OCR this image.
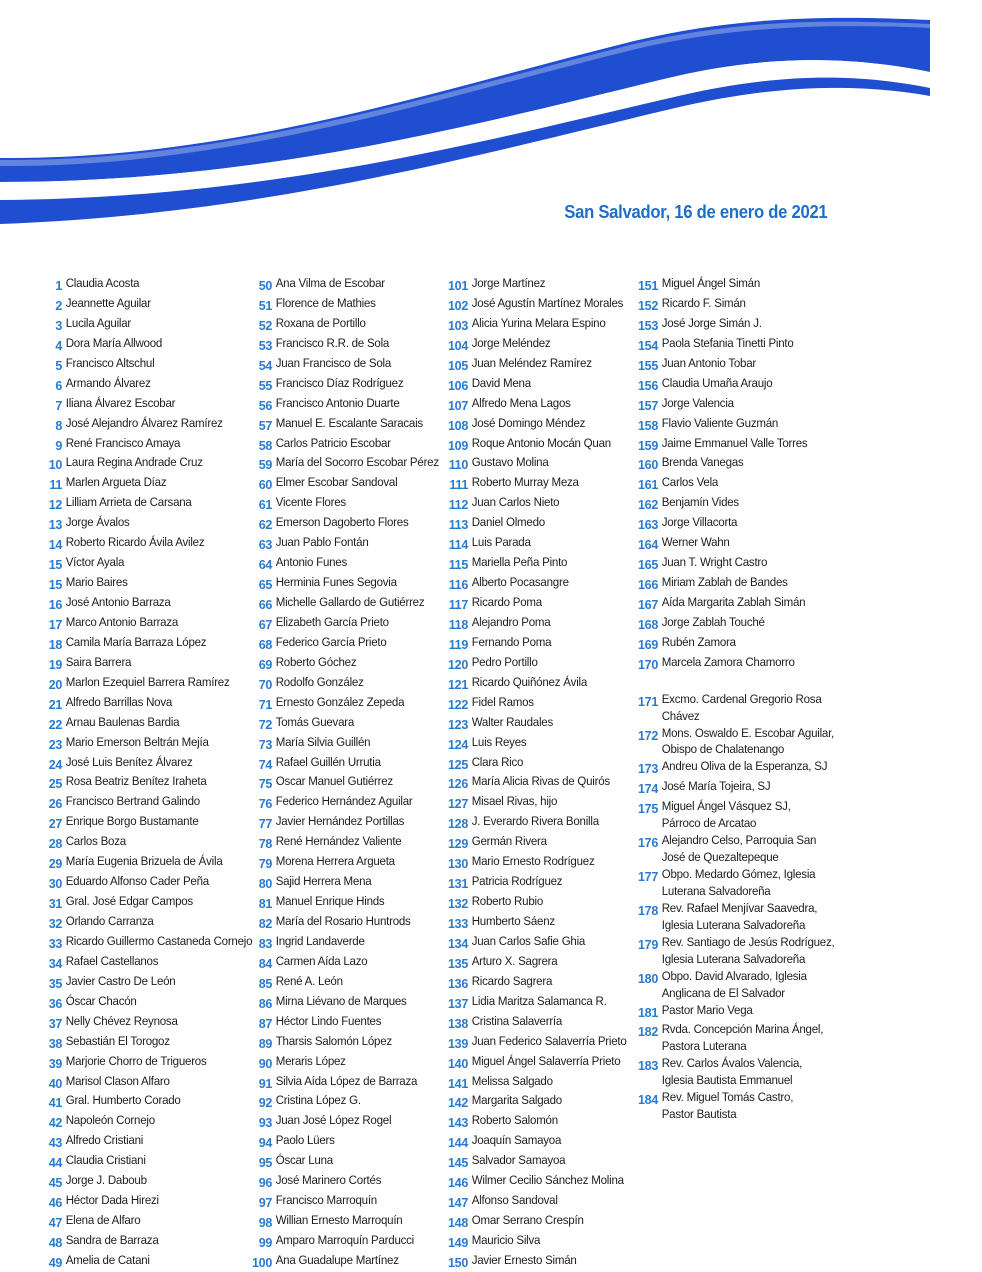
San Salvador, 16 de enero de 2021
1 Claudia Acosta
2 Jeannette Aguilar
3 Lucila Aguilar
4 Dora María Allwood
5 Francisco Altschul
6 Armando Álvarez
7 Iliana Álvarez Escobar
8 José Alejandro Álvarez Ramírez
9 René Francisco Amaya
10 Laura Regina Andrade Cruz
11 Marlen Argueta Díaz
12 Lilliam Arrieta de Carsana
13 Jorge Ávalos
14 Roberto Ricardo Ávila Avilez
15 Víctor Ayala
15 Mario Baires
16 José Antonio Barraza
17 Marco Antonio Barraza
18 Camila María Barraza López
19 Saira Barrera
20 Marlon Ezequiel Barrera Ramírez
21 Alfredo Barrillas Nova
22 Arnau Baulenas Bardia
23 Mario Emerson Beltrán Mejía
24 José Luis Benítez Álvarez
25 Rosa Beatriz Benítez Iraheta
26 Francisco Bertrand Galindo
27 Enrique Borgo Bustamante
28 Carlos Boza
29 María Eugenia Brizuela de Ávila
30 Eduardo Alfonso Cader Peña
31 Gral. José Edgar Campos
32 Orlando Carranza
33 Ricardo Guillermo Castaneda Cornejo
34 Rafael Castellanos
35 Javier Castro De León
36 Óscar Chacón
37 Nelly Chévez Reynosa
38 Sebastián El Torogoz
39 Marjorie Chorro de Trigueros
40 Marisol Clason Alfaro
41 Gral. Humberto Corado
42 Napoleón Cornejo
43 Alfredo Cristiani
44 Claudia Cristiani
45 Jorge J. Daboub
46 Héctor Dada Hirezi
47 Elena de Alfaro
48 Sandra de Barraza
49 Amelia de Catani
50 Ana Vilma de Escobar
51 Florence de Mathies
52 Roxana de Portillo
53 Francisco R.R. de Sola
54 Juan Francisco de Sola
55 Francisco Díaz Rodríguez
56 Francisco Antonio Duarte
57 Manuel E. Escalante Saracais
58 Carlos Patricio Escobar
59 María del Socorro Escobar Pérez
60 Elmer Escobar Sandoval
61 Vicente Flores
62 Emerson Dagoberto Flores
63 Juan Pablo Fontán
64 Antonio Funes
65 Herminia Funes Segovia
66 Michelle Gallardo de Gutiérrez
67 Elizabeth García Prieto
68 Federico García Prieto
69 Roberto Góchez
70 Rodolfo González
71 Ernesto González Zepeda
72 Tomás Guevara
73 María Silvia Guillén
74 Rafael Guillén Urrutia
75 Oscar Manuel Gutiérrez
76 Federico Hernández Aguilar
77 Javier Hernández Portillas
78 René Hernández Valiente
79 Morena Herrera Argueta
80 Sajid Herrera Mena
81 Manuel Enrique Hinds
82 María del Rosario Huntrods
83 Ingrid Landaverde
84 Carmen Aída Lazo
85 René A. León
86 Mirna Liévano de Marques
87 Héctor Lindo Fuentes
89 Tharsis Salomón López
90 Meraris López
91 Silvia Aída López de Barraza
92 Cristina López G.
93 Juan José López Rogel
94 Paolo Lüers
95 Óscar Luna
96 José Marinero Cortés
97 Francisco Marroquín
98 Willian Ernesto Marroquín
99 Amparo Marroquín Parducci
100 Ana Guadalupe Martínez
101 Jorge Martínez
102 José Agustín Martínez Morales
103 Alicia Yurina Melara Espino
104 Jorge Meléndez
105 Juan Meléndez Ramírez
106 David Mena
107 Alfredo Mena Lagos
108 José Domingo Méndez
109 Roque Antonio Mocán Quan
110 Gustavo Molina
111 Roberto Murray Meza
112 Juan Carlos Nieto
113 Daniel Olmedo
114 Luis Parada
115 Mariella Peña Pinto
116 Alberto Pocasangre
117 Ricardo Poma
118 Alejandro Poma
119 Fernando Poma
120 Pedro Portillo
121 Ricardo Quiñónez Ávila
122 Fidel Ramos
123 Walter Raudales
124 Luis Reyes
125 Clara Rico
126 María Alicia Rivas de Quirós
127 Misael Rivas, hijo
128 J. Everardo Rivera Bonilla
129 Germán Rivera
130 Mario Ernesto Rodríguez
131 Patricia Rodríguez
132 Roberto Rubio
133 Humberto Sáenz
134 Juan Carlos Safie Ghia
135 Arturo X. Sagrera
136 Ricardo Sagrera
137 Lidia Maritza Salamanca R.
138 Cristina Salaverría
139 Juan Federico Salaverría Prieto
140 Miguel Ángel Salaverría Prieto
141 Melissa Salgado
142 Margarita Salgado
143 Roberto Salomón
144 Joaquín Samayoa
145 Salvador Samayoa
146 Wilmer Cecilio Sánchez Molina
147 Alfonso Sandoval
148 Omar Serrano Crespín
149 Mauricio Silva
150 Javier Ernesto Simán
151 Miguel Ángel Simán
152 Ricardo F. Simán
153 José Jorge Simán J.
154 Paola Stefania Tinetti Pinto
155 Juan Antonio Tobar
156 Claudia Umaña Araujo
157 Jorge Valencia
158 Flavio Valiente Guzmán
159 Jaime Emmanuel Valle Torres
160 Brenda Vanegas
161 Carlos Vela
162 Benjamín Vides
163 Jorge Villacorta
164 Werner Wahn
165 Juan T. Wright Castro
166 Miriam Zablah de Bandes
167 Aída Margarita Zablah Simán
168 Jorge Zablah Touché
169 Rubén Zamora
170 Marcela Zamora Chamorro
171 Excmo. Cardenal Gregorio Rosa
Chávez
172 Mons. Oswaldo E. Escobar Aguilar,
Obispo de Chalatenango
173 Andreu Oliva de la Esperanza, SJ
174 José María Tojeira, SJ
175 Miguel Ángel Vásquez SJ,
Párroco de Arcatao
176 Alejandro Celso, Parroquia San
José de Quezaltepeque
177 Obpo. Medardo Gómez, Iglesia
Luterana Salvadoreña
178 Rev. Rafael Menjívar Saavedra,
Iglesia Luterana Salvadoreña
179 Rev. Santiago de Jesús Rodríguez,
Iglesia Luterana Salvadoreña
180 Obpo. David Alvarado, Iglesia
Anglicana de El Salvador
181 Pastor Mario Vega
182 Rvda. Concepción Marina Ángel,
Pastora Luterana
183 Rev. Carlos Ávalos Valencia,
Iglesia Bautista Emmanuel
184 Rev. Miguel Tomás Castro,
Pastor Bautista
